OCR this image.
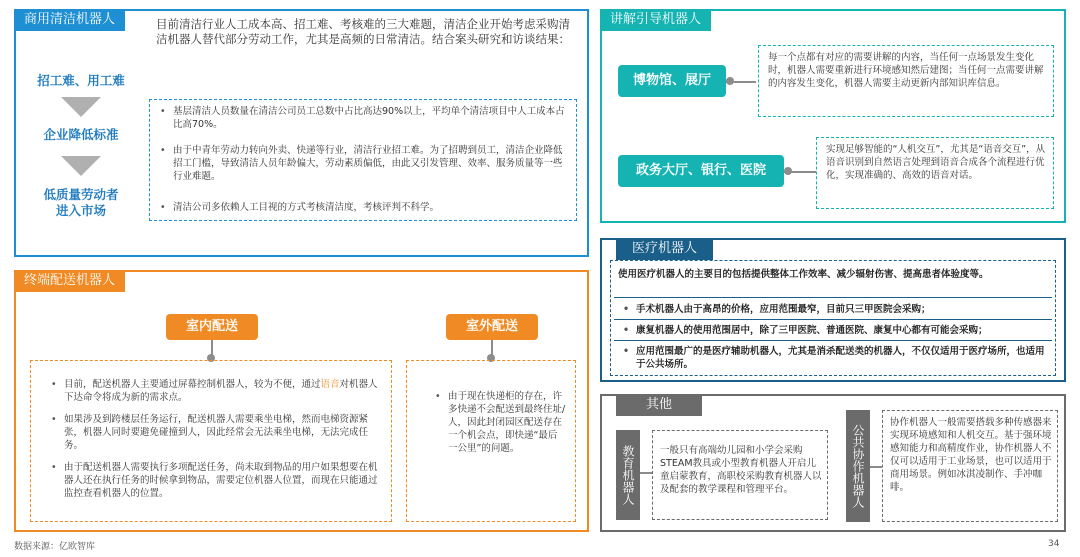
商用清洁机器人	目前清洁行业人工成本高、招工难、考核难的三大难题，清洁企业开始考虑采购清洁机器人替代部分劳动工作，尤其是高频的日常清洁。结合案头研究和访谈结果：
招工难、用工难
企业降低标准
低质量劳动者进入市场
• 基层清洁人员数量在清洁公司员工总数中占比高达90%以上，平均单个清洁项目中人工成本占比高70%。
• 由于中青年劳动力转向外卖、快递等行业，清洁行业招工难。为了招聘到员工，清洁企业降低招工门槛，导致清洁人员年龄偏大，劳动素质偏低，由此又引发管理、效率、服务质量等一些行业难题。
• 清洁公司多依赖人工目视的方式考核清洁度，考核评判不科学。
讲解引导机器人
博物馆、展厅
每一个点都有对应的需要讲解的内容，当任何一点场景发生变化时，机器人需要重新进行环境感知然后建图；当任何一点需要讲解的内容发生变化，机器人需要主动更新内部知识库信息。
政务大厅、银行、医院
实现足够智能的“人机交互”，尤其是“语音交互”，从语音识别到自然语言处理到语音合成各个流程进行优化，实现准确的、高效的语音对话。
终端配送机器人
室内配送
• 目前，配送机器人主要通过屏幕控制机器人，较为不便，通过语音对机器人下达命令将成为新的需求点。
• 如果涉及到跨楼层任务运行，配送机器人需要乘坐电梯，然而电梯资源紧张，机器人同时要避免碰撞到人，因此经常会无法乘坐电梯，无法完成任务。
• 由于配送机器人需要执行多项配送任务，尚未取到物品的用户如果想要在机器人还在执行任务的时候拿到物品，需要定位机器人位置，而现在只能通过监控查看机器人的位置。
室外配送
• 由于现在快递柜的存在，许多快递不会配送到最终住址/人，因此封闭园区配送存在一个机会点，即快递“最后一公里”的问题。
医疗机器人
使用医疗机器人的主要目的包括提供整体工作效率、减少辐射伤害、提高患者体验度等。
• 手术机器人由于高昂的价格，应用范围最窄，目前只三甲医院会采购；
• 康复机器人的使用范围居中，除了三甲医院、普通医院、康复中心都有可能会采购；
• 应用范围最广的是医疗辅助机器人，尤其是消杀配送类的机器人，不仅仅适用于医疗场所，也适用于公共场所。
其他
教育机器人	一般只有高端幼儿园和小学会采购STEAM教具或小型教育机器人开启儿童启蒙教育，高职校采购教育机器人以及配套的教学课程和管理平台。	公共协作机器人
协作机器人一般需要搭载多种传感器来实现环境感知和人机交互。基于强环境感知能力和高精度作业，协作机器人不仅可以适用于工业场景，也可以适用于商用场景。例如冰淇凌制作、手冲咖啡。
数据来源：亿欧智库	34
